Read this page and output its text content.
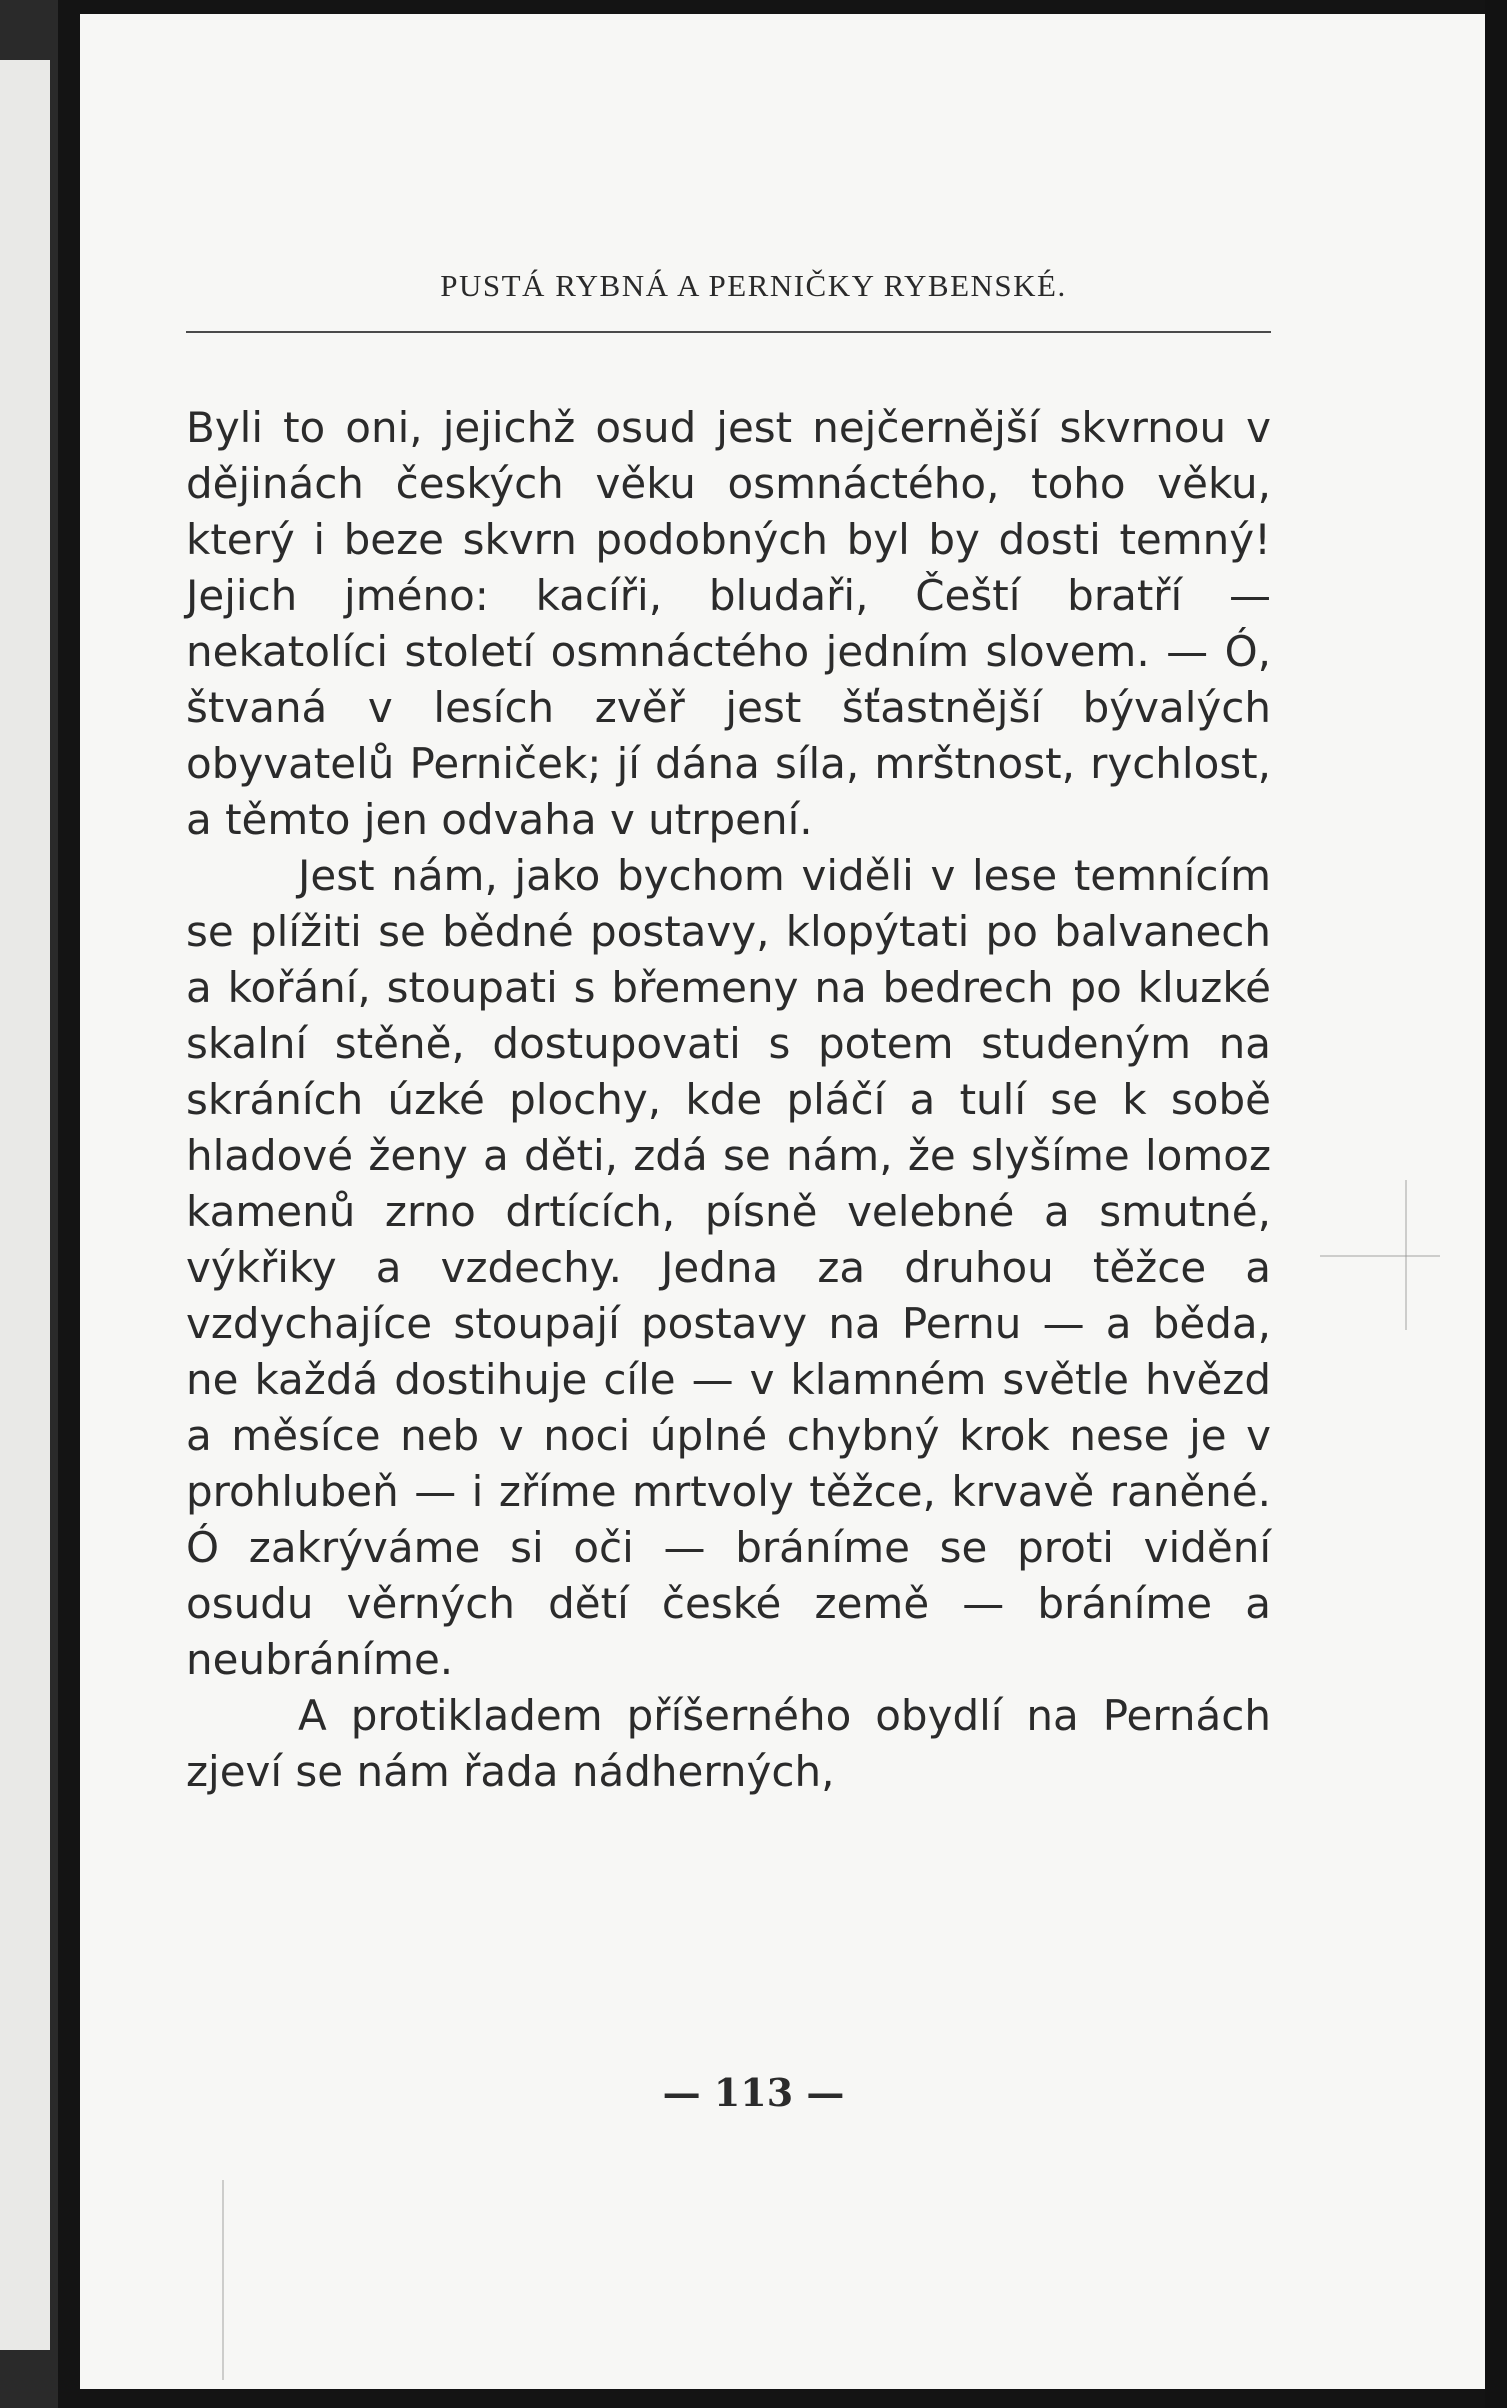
PUSTÁ RYBNÁ A PERNIČKY RYBENSKÉ.

Byli to oni, jejichž osud jest nejčernější skvrnou v dějinách českých věku osmnáctého, toho věku, který i beze skvrn podobných byl by dosti temný! Jejich jméno: kacíři, bludaři, Čeští bratří — nekatolíci století osmnáctého jedním slovem. — Ó, štvaná v lesích zvěř jest šťastnější bývalých obyvatelů Perniček; jí dána síla, mrštnost, rychlost, a těmto jen odvaha v utrpení.

Jest nám, jako bychom viděli v lese temnícím se plížiti se bědné postavy, klopýtati po balvanech a kořání, stoupati s břemeny na bedrech po kluzké skalní stěně, dostupovati s potem studeným na skráních úzké plochy, kde pláčí a tulí se k sobě hladové ženy a děti, zdá se nám, že slyšíme lomoz kamenů zrno drtících, písně velebné a smutné, výkřiky a vzdechy. Jedna za druhou těžce a vzdychajíce stoupají postavy na Pernu — a běda, ne každá dostihuje cíle — v klamném světle hvězd a měsíce neb v noci úplné chybný krok nese je v prohlubeň — i zříme mrtvoly těžce, krvavě raněné. Ó zakrýváme si oči — bráníme se proti vidění osudu věrných dětí české země — bráníme a neubráníme.

A protikladem příšerného obydlí na Pernách zjeví se nám řada nádherných,

— 113 —
